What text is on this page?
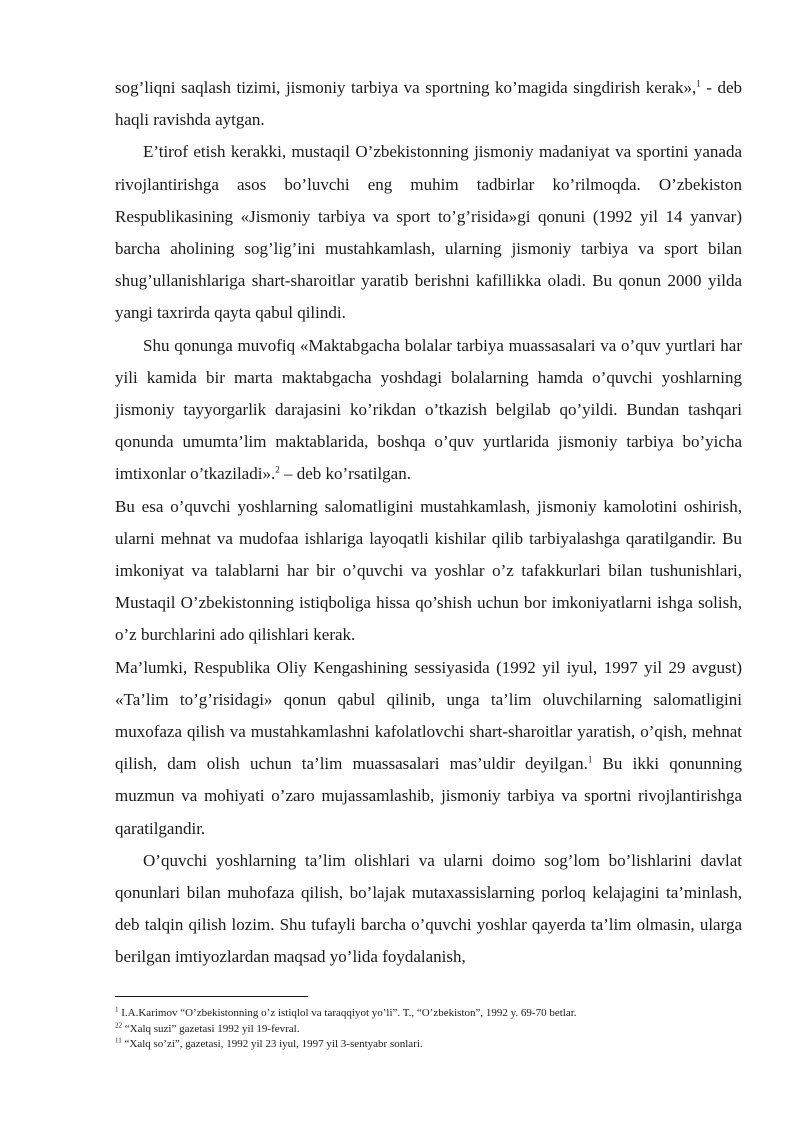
sog’liqni saqlash tizimi, jismoniy tarbiya va sportning ko’magida singdirish kerak»,$^1$ - deb haqli ravishda aytgan.

E’tirof etish kerakki, mustaqil O’zbekistonning jismoniy madaniyat va sportini yanada rivojlantirishga asos bo’luvchi eng muhim tadbirlar ko’rilmoqda. O’zbekiston Respublikasining «Jismoniy tarbiya va sport to’g’risida»gi qonuni (1992 yil 14 yanvar) barcha aholining sog’lig’ini mustahkamlash, ularning jismoniy tarbiya va sport bilan shug’ullanishlariga shart-sharoitlar yaratib berishni kafillikka oladi. Bu qonun 2000 yilda yangi taxrirda qayta qabul qilindi.

Shu qonunga muvofiq «Maktabgacha bolalar tarbiya muassasalari va o’quv yurtlari har yili kamida bir marta maktabgacha yoshdagi bolalarning hamda o’quvchi yoshlarning jismoniy tayyorgarlik darajasini ko’rikdan o’tkazish belgilab qo’yildi. Bundan tashqari qonunda umumta’lim maktablarida, boshqa o’quv yurtlarida jismoniy tarbiya bo’yicha imtixonlar o’tkaziladi».$^2$ – deb ko’rsatilgan.

Bu esa o’quvchi yoshlarning salomatligini mustahkamlash, jismoniy kamolotini oshirish, ularni mehnat va mudofaa ishlariga layoqatli kishilar qilib tarbiyalashga qaratilgandir. Bu imkoniyat va talablarni har bir o’quvchi va yoshlar o’z tafakkurlari bilan tushunishlari, Mustaqil O’zbekistonning istiqboliga hissa qo’shish uchun bor imkoniyatlarni ishga solish, o’z burchlarini ado qilishlari kerak.

Ma’lumki, Respublika Oliy Kengashining sessiyasida (1992 yil iyul, 1997 yil 29 avgust) «Ta’lim to’g’risidagi» qonun qabul qilinib, unga ta’lim oluvchilarning salomatligini muxofaza qilish va mustahkamlashni kafolatlovchi shart-sharoitlar yaratish, o’qish, mehnat qilish, dam olish uchun ta’lim muassasalari mas’uldir deyilgan.$^1$ Bu ikki qonunning muzmun va mohiyati o’zaro mujassamlashib, jismoniy tarbiya va sportni rivojlantirishga qaratilgandir.

O’quvchi yoshlarning ta’lim olishlari va ularni doimo sog’lom bo’lishlarini davlat qonunlari bilan muhofaza qilish, bo’lajak mutaxassislarning porloq kelajagini ta’minlash, deb talqin qilish lozim. Shu tufayli barcha o’quvchi yoshlar qayerda ta’lim olmasin, ularga berilgan imtiyozlardan maqsad yo’lida foydalanish,

$^1$ I.A.Karimov “O’zbekistonning o’z istiqlol va taraqqiyot yo’li”. T., “O’zbekiston”, 1992 y. 69-70 betlar.

$^{22}$ “Xalq suzi” gazetasi 1992 yil 19-fevral.

$^{11}$ “Xalq so’zi”, gazetasi, 1992 yil 23 iyul, 1997 yil 3-sentyabr sonlari.
